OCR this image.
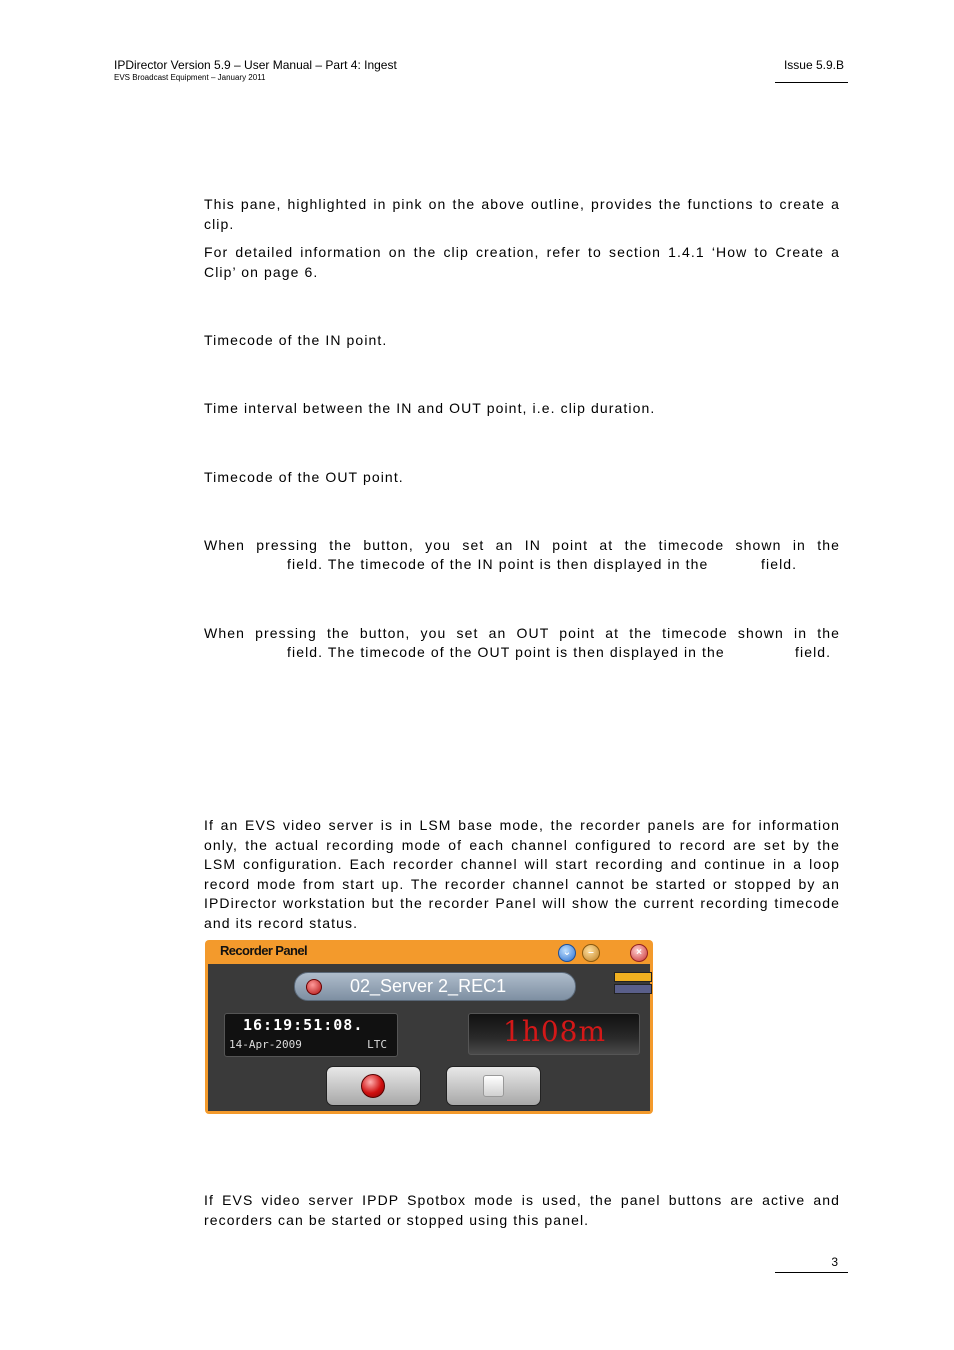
IPDirector Version 5.9 – User Manual – Part 4: Ingest
EVS Broadcast Equipment – January 2011
Issue 5.9.B
This pane, highlighted in pink on the above outline, provides the functions to create a clip.
For detailed information on the clip creation, refer to section 1.4.1 ‘How to Create a Clip’ on page 6.
Timecode of the IN point.
Time interval between the IN and OUT point, i.e. clip duration.
Timecode of the OUT point.
When pressing the button, you set an IN point at the timecode shown in the
field. The timecode of the IN point is then displayed in the	field.
When pressing the button, you set an OUT point at the timecode shown in the
field. The timecode of the OUT point is then displayed in the	field.
If an EVS video server is in LSM base mode, the recorder panels are for information only, the actual recording mode of each channel configured to record are set by the LSM configuration. Each recorder channel will start recording and continue in a loop record mode from start up. The recorder channel cannot be started or stopped by an IPDirector workstation but the recorder Panel will show the current recording timecode and its record status.
Recorder Panel	⌄	–	×
02_Server 2_REC1
16:19:51:08.
14-Apr-2009	LTC	1h08m
If EVS video server IPDP Spotbox mode is used, the panel buttons are active and recorders can be started or stopped using this panel.
3
